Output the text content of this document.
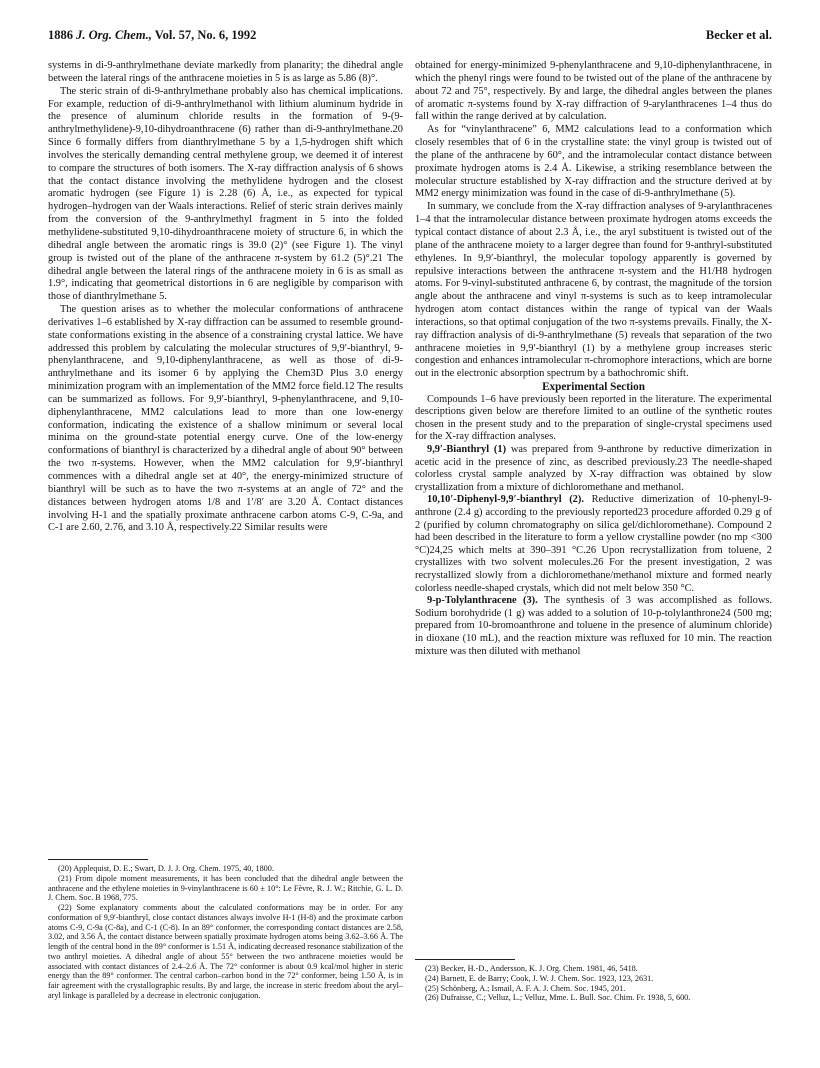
1886 J. Org. Chem., Vol. 57, No. 6, 1992	Becker et al.

systems in di-9-anthrylmethane deviate markedly from planarity; the dihedral angle between the lateral rings of the anthracene moieties in 5 is as large as 5.86 (8)°.

The steric strain of di-9-anthrylmethane probably also has chemical implications. For example, reduction of di-9-anthrylmethanol with lithium aluminum hydride in the presence of aluminum chloride results in the formation of 9-(9-anthrylmethylidene)-9,10-dihydroanthracene (6) rather than di-9-anthrylmethane.20 Since 6 formally differs from dianthrylmethane 5 by a 1,5-hydrogen shift which involves the sterically demanding central methylene group, we deemed it of interest to compare the structures of both isomers. The X-ray diffraction analysis of 6 shows that the contact distance involving the methylidene hydrogen and the closest aromatic hydrogen (see Figure 1) is 2.28 (6) Å, i.e., as expected for typical hydrogen–hydrogen van der Waals interactions. Relief of steric strain derives mainly from the conversion of the 9-anthrylmethyl fragment in 5 into the folded methylidene-substituted 9,10-dihydroanthracene moiety of structure 6, in which the dihedral angle between the aromatic rings is 39.0 (2)° (see Figure 1). The vinyl group is twisted out of the plane of the anthracene π-system by 61.2 (5)°.21 The dihedral angle between the lateral rings of the anthracene moiety in 6 is as small as 1.9°, indicating that geometrical distortions in 6 are negligible by comparison with those of dianthrylmethane 5.

The question arises as to whether the molecular conformations of anthracene derivatives 1–6 established by X-ray diffraction can be assumed to resemble ground-state conformations existing in the absence of a constraining crystal lattice. We have addressed this problem by calculating the molecular structures of 9,9′-bianthryl, 9-phenylanthracene, and 9,10-diphenylanthracene, as well as those of di-9-anthrylmethane and its isomer 6 by applying the Chem3D Plus 3.0 energy minimization program with an implementation of the MM2 force field.12 The results can be summarized as follows. For 9,9′-bianthryl, 9-phenylanthracene, and 9,10-diphenylanthracene, MM2 calculations lead to more than one low-energy conformation, indicating the existence of a shallow minimum or several local minima on the ground-state potential energy curve. One of the low-energy conformations of bianthryl is characterized by a dihedral angle of about 90° between the two π-systems. However, when the MM2 calculation for 9,9′-bianthryl commences with a dihedral angle set at 40°, the energy-minimized structure of bianthryl will be such as to have the two π-systems at an angle of 72° and the distances between hydrogen atoms 1/8 and 1′/8′ are 3.20 Å. Contact distances involving H-1 and the spatially proximate anthracene carbon atoms C-9, C-9a, and C-1 are 2.60, 2.76, and 3.10 Å, respectively.22 Similar results were

obtained for energy-minimized 9-phenylanthracene and 9,10-diphenylanthracene, in which the phenyl rings were found to be twisted out of the plane of the anthracene by about 72 and 75°, respectively. By and large, the dihedral angles between the planes of aromatic π-systems found by X-ray diffraction of 9-arylanthracenes 1–4 thus do fall within the range derived at by calculation.

As for “vinylanthracene” 6, MM2 calculations lead to a conformation which closely resembles that of 6 in the crystalline state: the vinyl group is twisted out of the plane of the anthracene by 60°, and the intramolecular contact distance between proximate hydrogen atoms is 2.4 Å. Likewise, a striking resemblance between the molecular structure established by X-ray diffraction and the structure derived at by MM2 energy minimization was found in the case of di-9-anthrylmethane (5).

In summary, we conclude from the X-ray diffraction analyses of 9-arylanthracenes 1–4 that the intramolecular distance between proximate hydrogen atoms exceeds the typical contact distance of about 2.3 Å, i.e., the aryl substituent is twisted out of the plane of the anthracene moiety to a larger degree than found for 9-anthryl-substituted ethylenes. In 9,9′-bianthryl, the molecular topology apparently is governed by repulsive interactions between the anthracene π-system and the H1/H8 hydrogen atoms. For 9-vinyl-substituted anthracene 6, by contrast, the magnitude of the torsion angle about the anthracene and vinyl π-systems is such as to keep intramolecular hydrogen atom contact distances within the range of typical van der Waals interactions, so that optimal conjugation of the two π-systems prevails. Finally, the X-ray diffraction analysis of di-9-anthrylmethane (5) reveals that separation of the two anthracene moieties in 9,9′-bianthryl (1) by a methylene group increases steric congestion and enhances intramolecular π-chromophore interactions, which are borne out in the electronic absorption spectrum by a bathochromic shift.

Experimental Section

Compounds 1–6 have previously been reported in the literature. The experimental descriptions given below are therefore limited to an outline of the synthetic routes chosen in the present study and to the preparation of single-crystal specimens used for the X-ray diffraction analyses.

9,9′-Bianthryl (1) was prepared from 9-anthrone by reductive dimerization in acetic acid in the presence of zinc, as described previously.23 The needle-shaped colorless crystal sample analyzed by X-ray diffraction was obtained by slow crystallization from a mixture of dichloromethane and methanol.

10,10′-Diphenyl-9,9′-bianthryl (2). Reductive dimerization of 10-phenyl-9-anthrone (2.4 g) according to the previously reported23 procedure afforded 0.29 g of 2 (purified by column chromatography on silica gel/dichloromethane). Compound 2 had been described in the literature to form a yellow crystalline powder (no mp <300 °C)24,25 which melts at 390–391 °C.26 Upon recrystallization from toluene, 2 crystallizes with two solvent molecules.26 For the present investigation, 2 was recrystallized slowly from a dichloromethane/methanol mixture and formed nearly colorless needle-shaped crystals, which did not melt below 350 °C.

9-p-Tolylanthracene (3). The synthesis of 3 was accomplished as follows. Sodium borohydride (1 g) was added to a solution of 10-p-tolylanthrone24 (500 mg; prepared from 10-bromoanthrone and toluene in the presence of aluminum chloride) in dioxane (10 mL), and the reaction mixture was refluxed for 10 min. The reaction mixture was then diluted with methanol

(20) Applequist, D. E.; Swart, D. J. J. Org. Chem. 1975, 40, 1800.

(21) From dipole moment measurements, it has been concluded that the dihedral angle between the anthracene and the ethylene moieties in 9-vinylanthracene is 60 ± 10°: Le Fèvre, R. J. W.; Ritchie, G. L. D. J. Chem. Soc. B 1968, 775.

(22) Some explanatory comments about the calculated conformations may be in order. For any conformation of 9,9′-bianthryl, close contact distances always involve H-1 (H-8) and the proximate carbon atoms C-9, C-9a (C-8a), and C-1 (C-8). In an 89° conformer, the corresponding contact distances are 2.58, 3.02, and 3.56 Å, the contact distance between spatially proximate hydrogen atoms being 3.62–3.66 Å. The length of the central bond in the 89° conformer is 1.51 Å, indicating decreased resonance stabilization of the two anthryl moieties. A dihedral angle of about 55° between the two anthracene moieties would be associated with contact distances of 2.4–2.6 Å. The 72° conformer is about 0.9 kcal/mol higher in steric energy than the 89° conformer. The central carbon–carbon bond in the 72° conformer, being 1.50 Å, is in fair agreement with the crystallographic results. By and large, the increase in steric freedom about the aryl–aryl linkage is paralleled by a decrease in electronic conjugation.

(23) Becker, H.-D., Andersson, K. J. Org. Chem. 1981, 46, 5418.

(24) Barnett, E. de Barry; Cook, J. W. J. Chem. Soc. 1923, 123, 2631.

(25) Schönberg, A.; Ismail, A. F. A. J. Chem. Soc. 1945, 201.

(26) Dufraisse, C.; Velluz, L.; Velluz, Mme. L. Bull. Soc. Chim. Fr. 1938, 5, 600.
